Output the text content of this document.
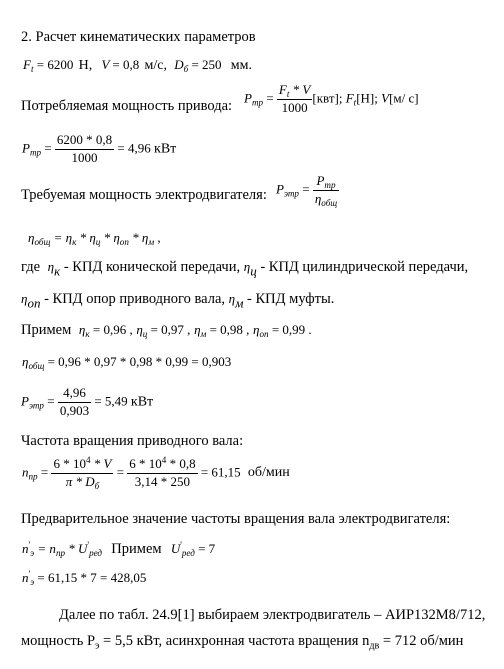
2. Расчет кинематических параметров
$F_t = 6200$ Н, V = 0,8 м/с, $D_б = 250$ мм.
Потребляемая мощность привода:
$P_{тр} = \frac{F_t * V}{1000} [квт]$; $F_t[Н]$; V[м/ с]
$P_{тр} = \frac{6200 * 0,8}{1000} = 4,96$ кВт
Требуемая мощность электродвигателя: $P_{этр} = \frac{P_{тр}}{\eta_{общ}}$
$\eta_{общ} = \eta_к * \eta_ц * \eta_{оп} * \eta_м$ ,
где $\eta_к$ - КПД конической передачи, $\eta_ц$ - КПД цилиндрической передачи,
$\eta_{оп}$ - КПД опор приводного вала, $\eta_м$ - КПД муфты.
Примем $\eta_к = 0,96$ , $\eta_ц = 0,97$ , $\eta_м = 0,98$ , $\eta_{оп} = 0,99$ .
$\eta_{общ} = 0,96 * 0,97 * 0,98 * 0,99 = 0,903$
$P_{этр} = \frac{4,96}{0,903} = 5,49$ кВт
Частота вращения приводного вала:
$n_{пр} = \frac{6 * 10^4 * V}{\pi * D_б} = \frac{6 * 10^4 * 0,8}{3,14 * 250} = 61,15$ об/мин
Предварительное значение частоты вращения вала электродвигателя:
$n'_э = n_{пр} * U'_{ред}$ Примем $U'_{ред} = 7$
$n'_э = 61,15 * 7 = 428,05$
Далее по табл. 24.9[1] выбираем электродвигатель – АИР132М8/712,
мощность $P_э = 5,5$ кВт, асинхронная частота вращения $n_{дв} = 712$ об/мин
